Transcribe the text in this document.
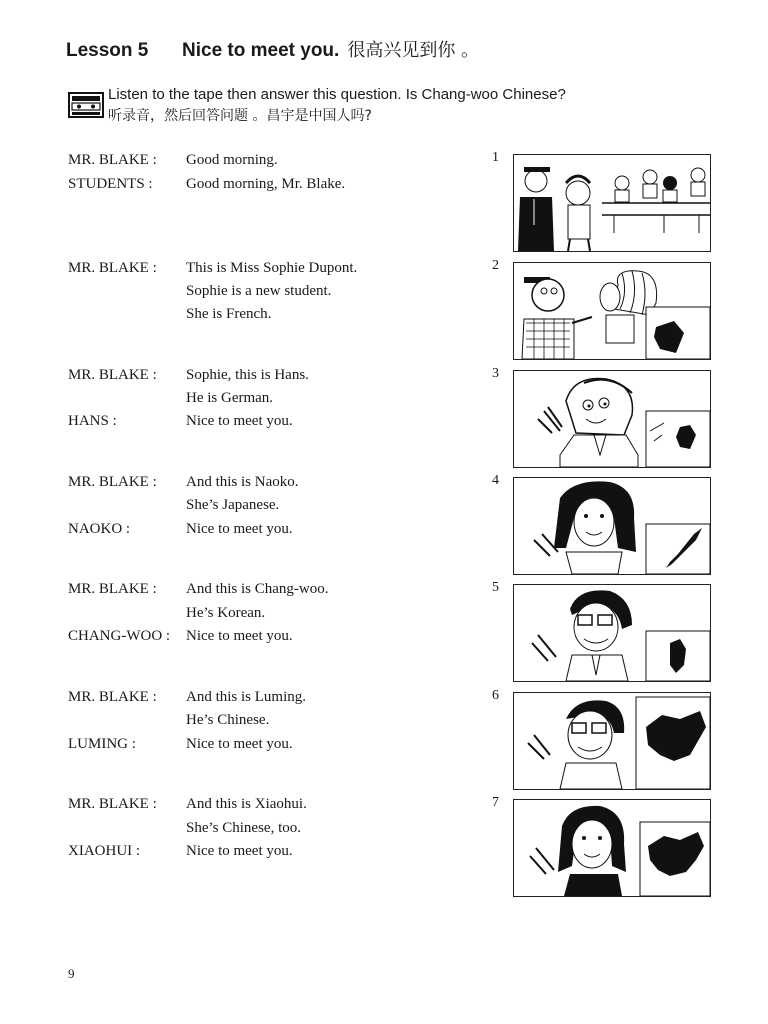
Lesson 5 Nice to meet you. 很高兴见到你 。
Listen to the tape then answer this question. Is Chang-woo Chinese?
听录音，然后回答问题 。昌宇是中国人吗?
MR. BLAKE : Good morning.
STUDENTS : Good morning, Mr. Blake.
MR. BLAKE : This is Miss Sophie Dupont.
Sophie is a new student.
She is French.
MR. BLAKE : Sophie, this is Hans.
He is German.
HANS :	Nice to meet you.
MR. BLAKE : And this is Naoko.
She’s Japanese.
NAOKO :	Nice to meet you.
MR. BLAKE : And this is Chang-woo.
He’s Korean.
CHANG-WOO : Nice to meet you.
MR. BLAKE : And this is Luming.
He’s Chinese.
LUMING :	Nice to meet you.
MR. BLAKE : And this is Xiaohui.
She’s Chinese, too.
XIAOHUI :	Nice to meet you.
1
2
3
4
5
6
7
9
